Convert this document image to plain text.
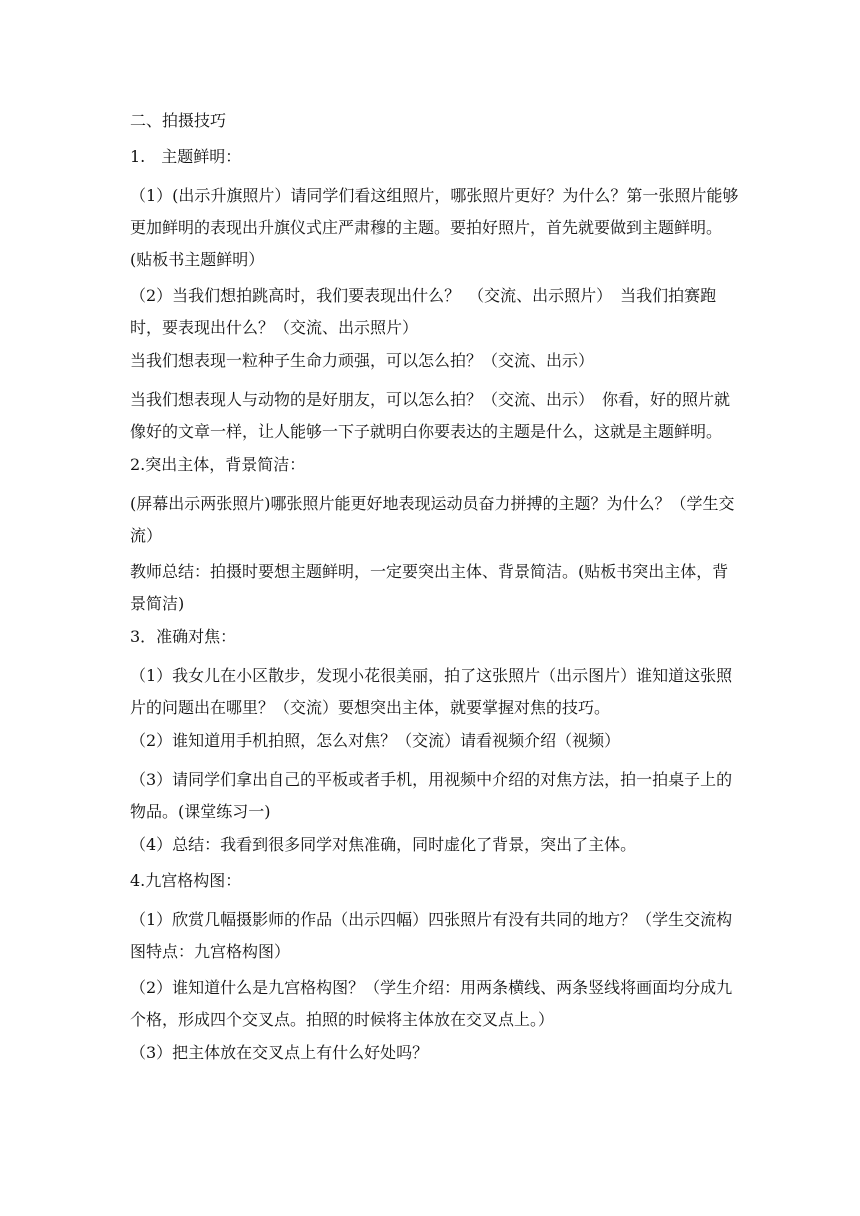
二、拍摄技巧
1.　主题鲜明：
（1）(出示升旗照片）请同学们看这组照片，哪张照片更好？为什么？第一张照片能够更加鲜明的表现出升旗仪式庄严肃穆的主题。要拍好照片，首先就要做到主题鲜明。(贴板书主题鲜明）
（2）当我们想拍跳高时，我们要表现出什么？　（交流、出示照片）　当我们拍赛跑时，要表现出什么？（交流、出示照片）
当我们想表现一粒种子生命力顽强，可以怎么拍？（交流、出示）
当我们想表现人与动物的是好朋友，可以怎么拍？（交流、出示）　你看，好的照片就像好的文章一样，让人能够一下子就明白你要表达的主题是什么，这就是主题鲜明。
2.突出主体，背景简洁：
(屏幕出示两张照片)哪张照片能更好地表现运动员奋力拼搏的主题？为什么？（学生交流）
教师总结：拍摄时要想主题鲜明，一定要突出主体、背景简洁。(贴板书突出主体，背景简洁)
3．准确对焦：
（1）我女儿在小区散步，发现小花很美丽，拍了这张照片（出示图片）谁知道这张照片的问题出在哪里？（交流）要想突出主体，就要掌握对焦的技巧。
（2）谁知道用手机拍照，怎么对焦？（交流）请看视频介绍（视频）
（3）请同学们拿出自己的平板或者手机，用视频中介绍的对焦方法，拍一拍桌子上的物品。(课堂练习一)
（4）总结：我看到很多同学对焦准确，同时虚化了背景，突出了主体。
4.九宫格构图：
（1）欣赏几幅摄影师的作品（出示四幅）四张照片有没有共同的地方？（学生交流构图特点：九宫格构图）
（2）谁知道什么是九宫格构图？（学生介绍：用两条横线、两条竖线将画面均分成九个格，形成四个交叉点。拍照的时候将主体放在交叉点上。）
（3）把主体放在交叉点上有什么好处吗？
